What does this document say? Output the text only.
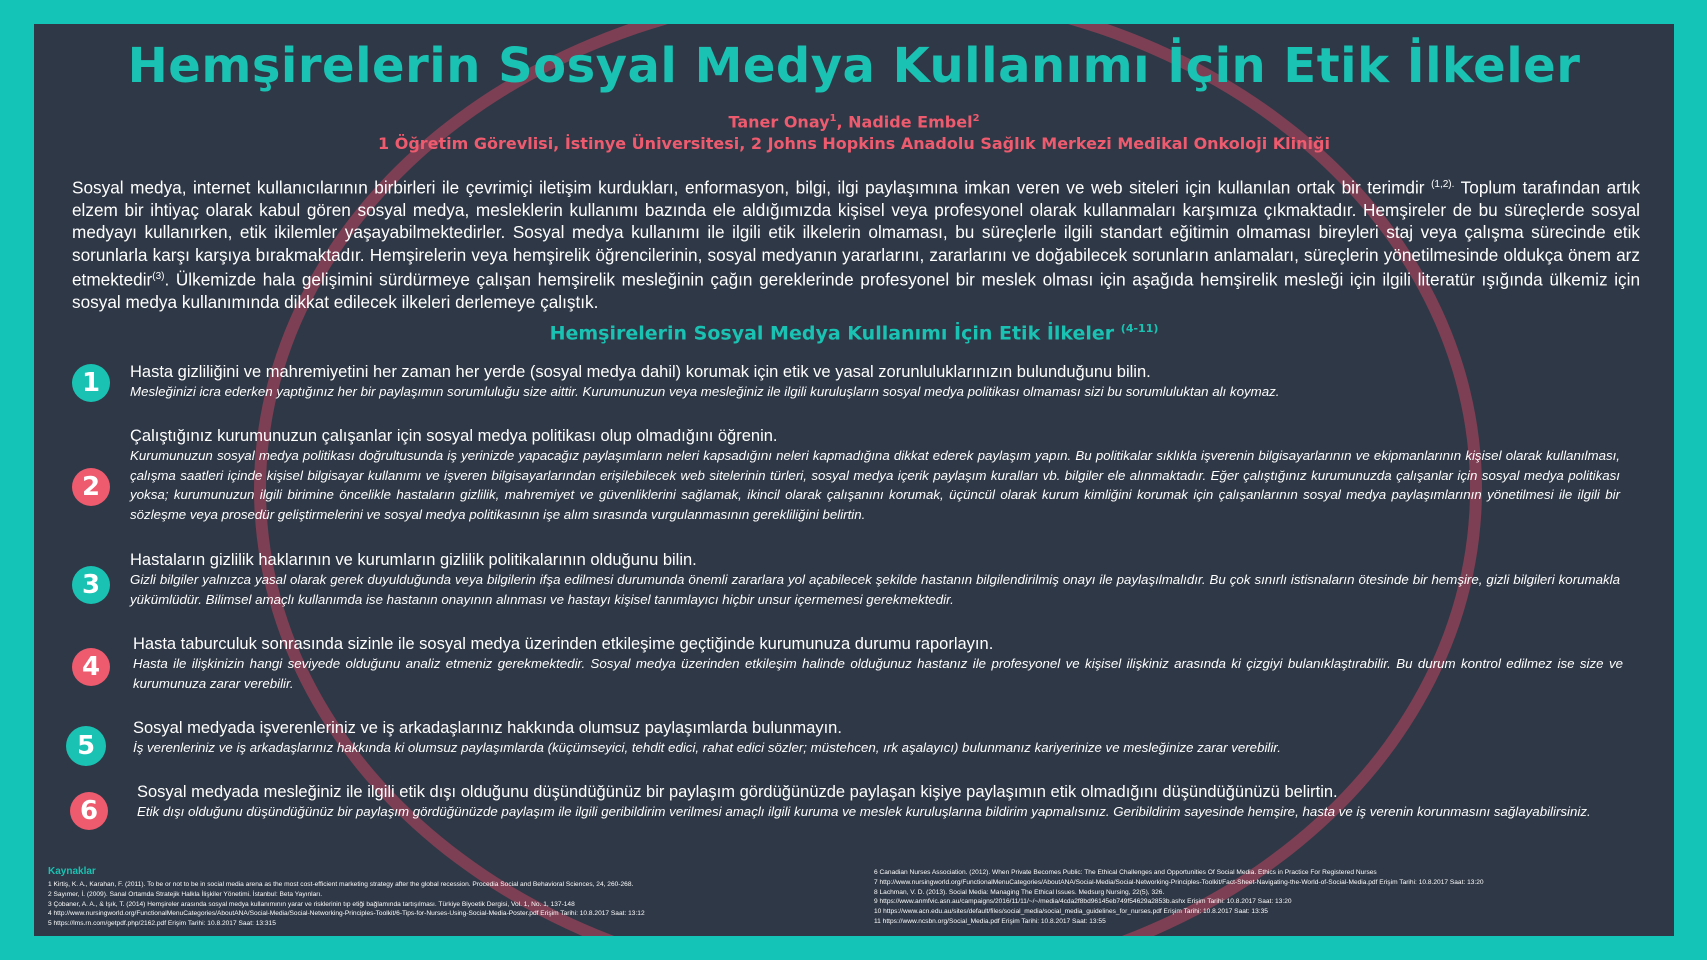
Hemşirelerin Sosyal Medya Kullanımı İçin Etik İlkeler
Taner Onay$^1$, Nadide Embel$^2$
1 Öğretim Görevlisi, İstinye Üniversitesi, 2 Johns Hopkins Anadolu Sağlık Merkezi Medikal Onkoloji Kliniği
Sosyal medya, internet kullanıcılarının birbirleri ile çevrimiçi iletişim kurdukları, enformasyon, bilgi, ilgi paylaşımına imkan veren ve web siteleri için kullanılan ortak bir terimdir $^{(1,2).}$ Toplum tarafından artık elzem bir ihtiyaç olarak kabul gören sosyal medya, mesleklerin kullanımı bazında ele aldığımızda kişisel veya profesyonel olarak kullanmaları karşımıza çıkmaktadır. Hemşireler de bu süreçlerde sosyal medyayı kullanırken, etik ikilemler yaşayabilmektedirler. Sosyal medya kullanımı ile ilgili etik ilkelerin olmaması, bu süreçlerle ilgili standart eğitimin olmaması bireyleri staj veya çalışma sürecinde etik sorunlarla karşı karşıya bırakmaktadır. Hemşirelerin veya hemşirelik öğrencilerinin, sosyal medyanın yararlarını, zararlarını ve doğabilecek sorunların anlamaları, süreçlerin yönetilmesinde oldukça önem arz etmektedir$^{(3)}$. Ülkemizde hala gelişimini sürdürmeye çalışan hemşirelik mesleğinin çağın gereklerinde profesyonel bir meslek olması için aşağıda hemşirelik mesleği için ilgili literatür ışığında ülkemiz için sosyal medya kullanımında dikkat edilecek ilkeleri derlemeye çalıştık.
Hemşirelerin Sosyal Medya Kullanımı İçin Etik İlkeler $^{(4-11)}$
1	Hasta gizliliğini ve mahremiyetini her zaman her yerde (sosyal medya dahil) korumak için etik ve yasal zorunluluklarınızın bulunduğunu bilin.
Mesleğinizi icra ederken yaptığınız her bir paylaşımın sorumluluğu size aittir. Kurumunuzun veya mesleğiniz ile ilgili kuruluşların sosyal medya politikası olmaması sizi bu sorumluluktan alı koymaz.
2
Çalıştığınız kurumunuzun çalışanlar için sosyal medya politikası olup olmadığını öğrenin.
Kurumunuzun sosyal medya politikası doğrultusunda iş yerinizde yapacağız paylaşımların neleri kapsadığını neleri kapmadığına dikkat ederek paylaşım yapın. Bu politikalar sıklıkla işverenin bilgisayarlarının ve ekipmanlarının kişisel olarak kullanılması, çalışma saatleri içinde kişisel bilgisayar kullanımı ve işveren bilgisayarlarından erişilebilecek web sitelerinin türleri, sosyal medya içerik paylaşım kuralları vb. bilgiler ele alınmaktadır. Eğer çalıştığınız kurumunuzda çalışanlar için sosyal medya politikası yoksa; kurumunuzun ilgili birimine öncelikle hastaların gizlilik, mahremiyet ve güvenliklerini sağlamak, ikincil olarak çalışanını korumak, üçüncül olarak kurum kimliğini korumak için çalışanlarının sosyal medya paylaşımlarının yönetilmesi ile ilgili bir sözleşme veya prosedür geliştirmelerini ve sosyal medya politikasının işe alım sırasında vurgulanmasının gerekliliğini belirtin.
3
Hastaların gizlilik haklarının ve kurumların gizlilik politikalarının olduğunu bilin.
Gizli bilgiler yalnızca yasal olarak gerek duyulduğunda veya bilgilerin ifşa edilmesi durumunda önemli zararlara yol açabilecek şekilde hastanın bilgilendirilmiş onayı ile paylaşılmalıdır. Bu çok sınırlı istisnaların ötesinde bir hemşire, gizli bilgileri korumakla yükümlüdür. Bilimsel amaçlı kullanımda ise hastanın onayının alınması ve hastayı kişisel tanımlayıcı hiçbir unsur içermemesi gerekmektedir.
4
Hasta taburculuk sonrasında sizinle ile sosyal medya üzerinden etkileşime geçtiğinde kurumunuza durumu raporlayın.
Hasta ile ilişkinizin hangi seviyede olduğunu analiz etmeniz gerekmektedir. Sosyal medya üzerinden etkileşim halinde olduğunuz hastanız ile profesyonel ve kişisel ilişkiniz arasında ki çizgiyi bulanıklaştırabilir. Bu durum kontrol edilmez ise size ve kurumunuza zarar verebilir.
5
Sosyal medyada işverenleriniz ve iş arkadaşlarınız hakkında olumsuz paylaşımlarda bulunmayın.
İş verenleriniz ve iş arkadaşlarınız hakkında ki olumsuz paylaşımlarda (küçümseyici, tehdit edici, rahat edici sözler; müstehcen, ırk aşalayıcı) bulunmanız kariyerinize ve mesleğinize zarar verebilir.
6
Sosyal medyada mesleğiniz ile ilgili etik dışı olduğunu düşündüğünüz bir paylaşım gördüğünüzde paylaşan kişiye paylaşımın etik olmadığını düşündüğünüzü belirtin.
Etik dışı olduğunu düşündüğünüz bir paylaşım gördüğünüzde paylaşım ile ilgili geribildirim verilmesi amaçlı ilgili kuruma ve meslek kuruluşlarına bildirim yapmalısınız. Geribildirim sayesinde hemşire, hasta ve iş verenin korunmasını sağlayabilirsiniz.
Kaynaklar
1 Kirtiş, K. A., Karahan, F. (2011). To be or not to be in social media arena as the most cost-efficient marketing strategy after the global recession. Procedia Social and Behavioral Sciences, 24, 260-268.
2 Sayımer, İ. (2009). Sanal Ortamda Stratejik Halkla İlişkiler Yönetimi. İstanbul: Beta Yayınları.
3 Çobaner, A. A., & Işık, T. (2014) Hemşireler arasında sosyal medya kullanımının yarar ve risklerinin tıp etiği bağlamında tartışılması. Türkiye Biyoetik Dergisi, Vol. 1, No. 1, 137-148
4 http://www.nursingworld.org/FunctionalMenuCategories/AboutANA/Social-Media/Social-Networking-Principles-Toolkit/6-Tips-for-Nurses-Using-Social-Media-Poster.pdf Erişim Tarihi: 10.8.2017 Saat: 13:12
5 https://lms.rn.com/getpdf.php/2162.pdf Erişim Tarihi: 10.8.2017 Saat: 13:315
6 Canadian Nurses Association. (2012). When Private Becomes Public: The Ethical Challenges and Opportunities Of Social Media. Ethics in Practice For Registered Nurses
7 http://www.nursingworld.org/FunctionalMenuCategories/AboutANA/Social-Media/Social-Networking-Principles-Toolkit/Fact-Sheet-Navigating-the-World-of-Social-Media.pdf Erişim Tarihi: 10.8.2017 Saat: 13:20
8 Lachman, V. D. (2013). Social Media: Managing The Ethical Issues. Medsurg Nursing, 22(5), 326.
9 https://www.anmfvic.asn.au/campaigns/2016/11/11/~/~/media/4cda2f8bd96145eb749f54629a2853b.ashx Erişim Tarihi: 10.8.2017 Saat: 13:20
10 https://www.acn.edu.au/sites/default/files/social_media/social_media_guidelines_for_nurses.pdf Erişim Tarihi: 10.8.2017 Saat: 13:35
11 https://www.ncsbn.org/Social_Media.pdf Erişim Tarihi: 10.8.2017 Saat: 13:55
